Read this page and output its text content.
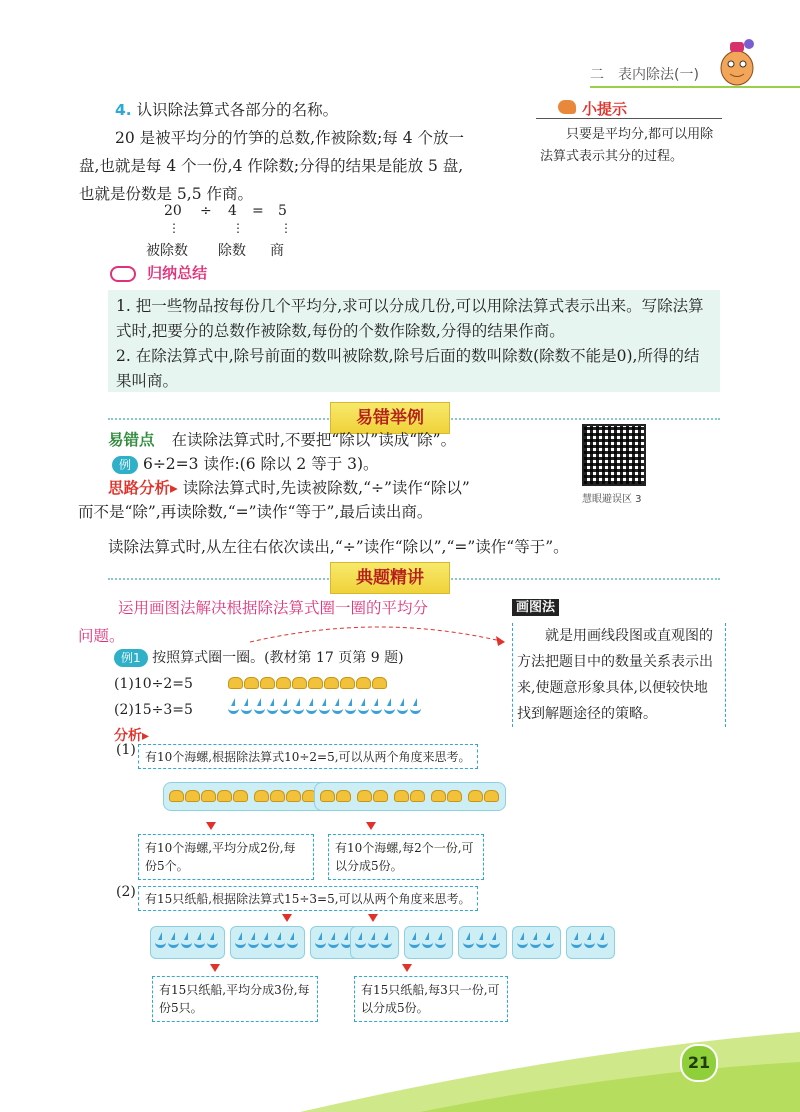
二 表内除法(一)
4. 认识除法算式各部分的名称。
20 是被平均分的竹笋的总数,作被除数;每 4 个放一
盘,也就是每 4 个一份,4 作除数;分得的结果是能放 5 盘,
也就是份数是 5,5 作商。
20 ÷ 4 = 5
⋮	⋮	⋮
被除数 除数 商
小提示
只要是平均分,都可以用除法算式表示其分的过程。
归纳总结
1. 把一些物品按每份几个平均分,求可以分成几份,可以用除法算式表示出来。写除法算式时,把要分的总数作被除数,每份的个数作除数,分得的结果作商。
2. 在除法算式中,除号前面的数叫被除数,除号后面的数叫除数(除数不能是0),所得的结果叫商。
易错举例
易错点 在读除法算式时,不要把“除以”读成“除”。
例 6÷2=3 读作:(6 除以 2 等于 3)。
思路分析▸ 读除法算式时,先读被除数,“÷”读作“除以”
而不是“除”,再读除数,“=”读作“等于”,最后读出商。
读除法算式时,从左往右依次读出,“÷”读作“除以”,“=”读作“等于”。
慧眼避误区 3
典题精讲
运用画图法解决根据除法算式圈一圈的平均分
问题。
画图法
就是用画线段图或直观图的方法把题目中的数量关系表示出来,使题意形象具体,以便较快地找到解题途径的策略。
例1 按照算式圈一圈。(教材第 17 页第 9 题)
(1)10÷2=5
(2)15÷3=5
分析▸
(1) 有10个海螺,根据除法算式10÷2=5,可以从两个角度来思考。

有10个海螺,平均分成2份,每份5个。
有10个海螺,每2个一份,可以分成5份。
(2) 有15只纸船,根据除法算式15÷3=5,可以从两个角度来思考。

有15只纸船,平均分成3份,每份5只。
有15只纸船,每3只一份,可以分成5份。
21
